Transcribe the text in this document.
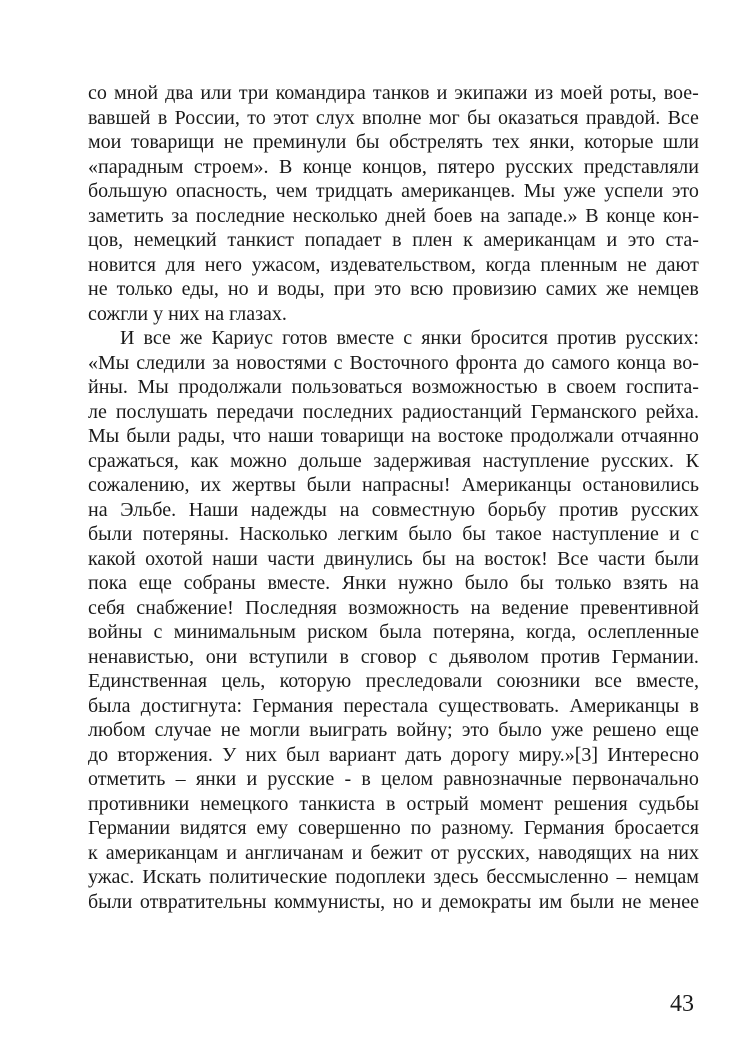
со мной два или три командира танков и экипажи из моей роты, вое-
вавшей в России, то этот слух вполне мог бы оказаться правдой. Все
мои товарищи не преминули бы обстрелять тех янки, которые шли
«парадным строем». В конце концов, пятеро русских представляли
большую опасность, чем тридцать американцев. Мы уже успели это
заметить за последние несколько дней боев на западе.» В конце кон-
цов, немецкий танкист попадает в плен к американцам и это ста-
новится для него ужасом, издевательством, когда пленным не дают
не только еды, но и воды, при это всю провизию самих же немцев
сожгли у них на глазах.
И все же Кариус готов вместе с янки бросится против русских:
«Мы следили за новостями с Восточного фронта до самого конца во-
йны. Мы продолжали пользоваться возможностью в своем госпита-
ле послушать передачи последних радиостанций Германского рейха.
Мы были рады, что наши товарищи на востоке продолжали отчаянно
сражаться, как можно дольше задерживая наступление русских. К
сожалению, их жертвы были напрасны! Американцы остановились
на Эльбе. Наши надежды на совместную борьбу против русских
были потеряны. Насколько легким было бы такое наступление и с
какой охотой наши части двинулись бы на восток! Все части были
пока еще собраны вместе. Янки нужно было бы только взять на
себя снабжение! Последняя возможность на ведение превентивной
войны с минимальным риском была потеряна, когда, ослепленные
ненавистью, они вступили в сговор с дьяволом против Германии.
Единственная цель, которую преследовали союзники все вместе,
была достигнута: Германия перестала существовать. Американцы в
любом случае не могли выиграть войну; это было уже решено еще
до вторжения. У них был вариант дать дорогу миру.»[3] Интересно
отметить – янки и русские - в целом равнозначные первоначально
противники немецкого танкиста в острый момент решения судьбы
Германии видятся ему совершенно по разному. Германия бросается
к американцам и англичанам и бежит от русских, наводящих на них
ужас. Искать политические подоплеки здесь бессмысленно – немцам
были отвратительны коммунисты, но и демократы им были не менее
43
